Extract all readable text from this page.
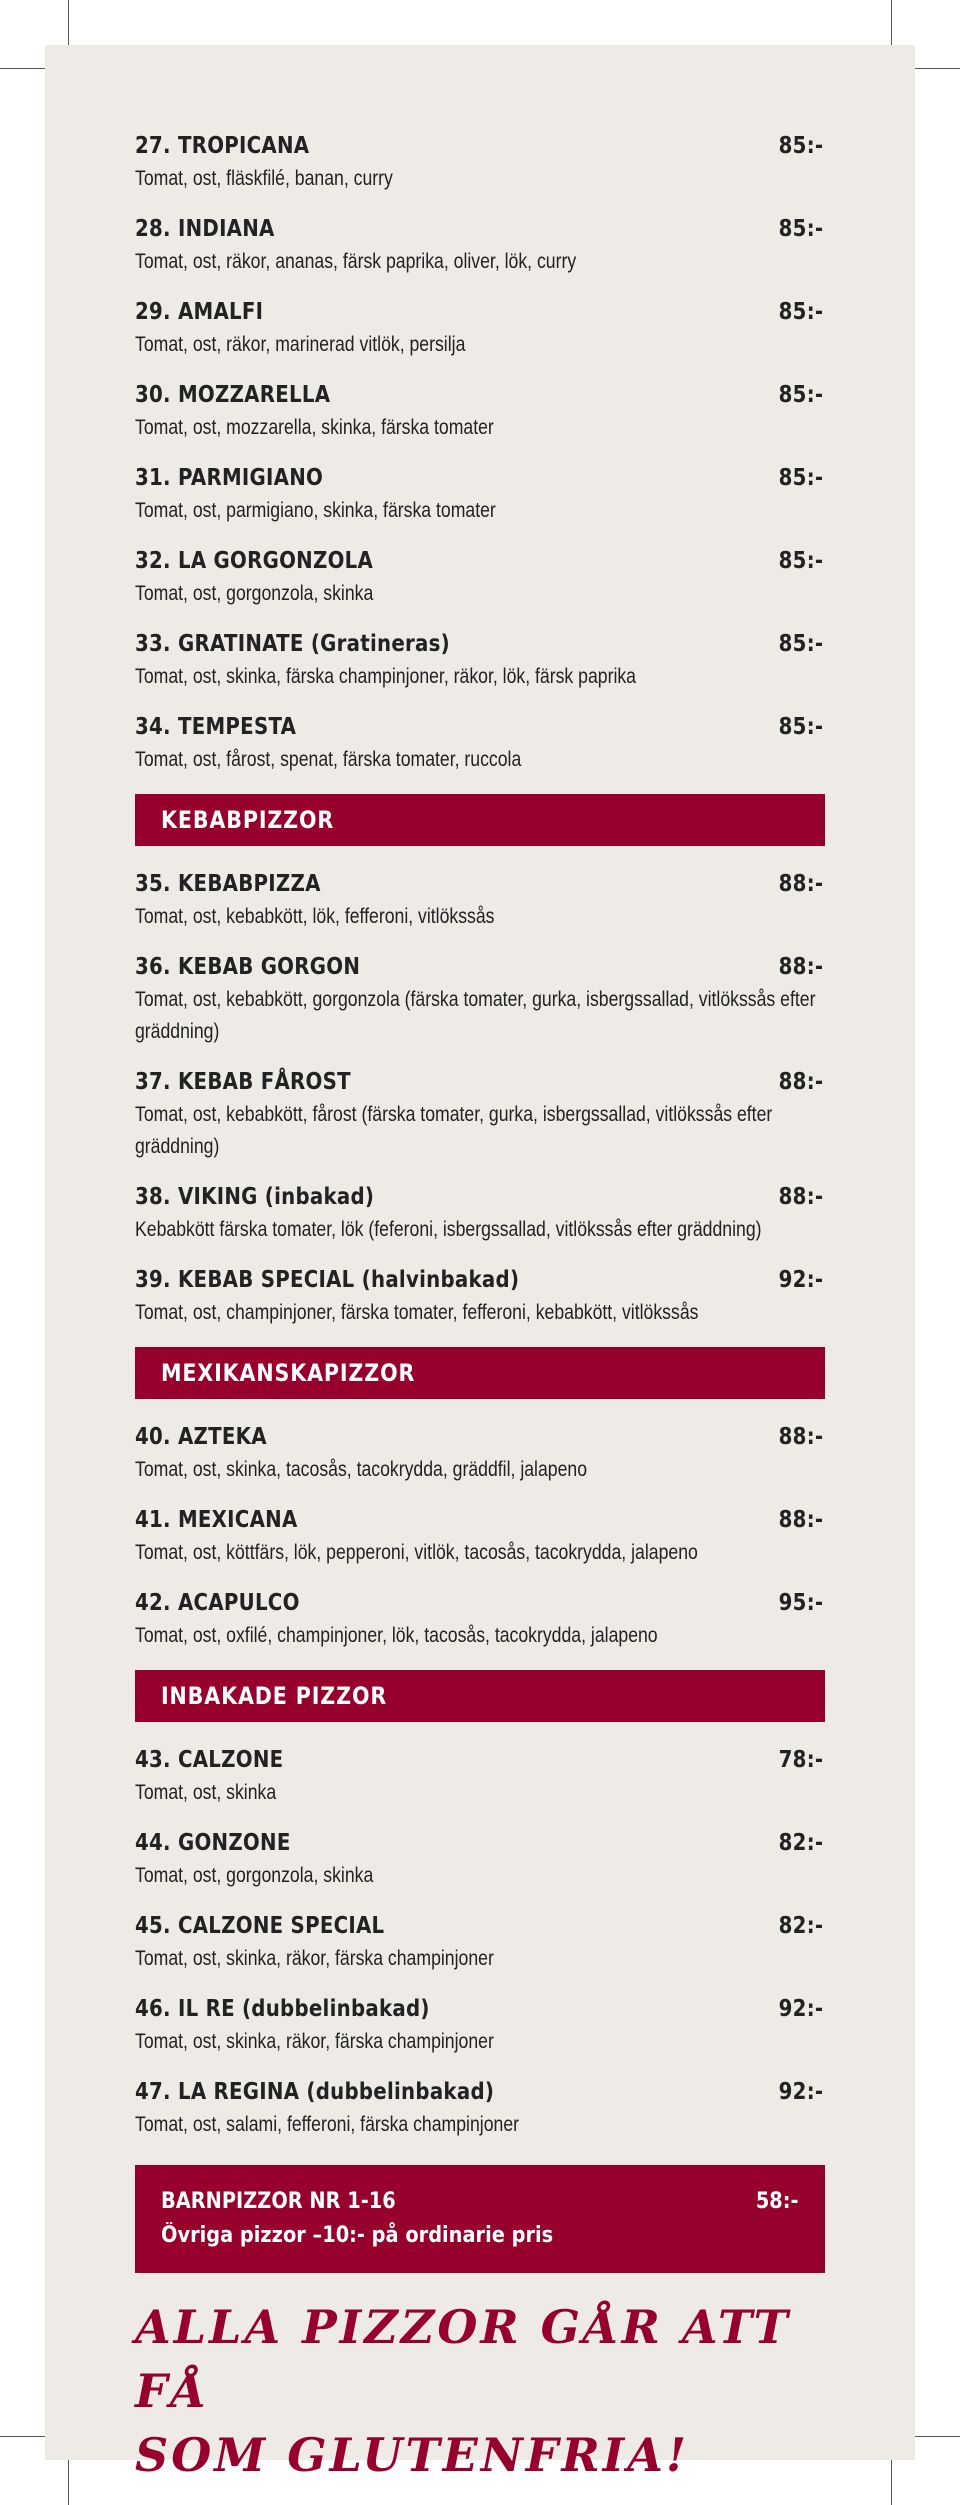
27. TROPICANA	85:-
Tomat, ost, fläskfilé, banan, curry
28. INDIANA	85:-
Tomat, ost, räkor, ananas, färsk paprika, oliver, lök, curry
29. AMALFI	85:-
Tomat, ost, räkor, marinerad vitlök, persilja
30. MOZZARELLA	85:-
Tomat, ost, mozzarella, skinka, färska tomater
31. PARMIGIANO	85:-
Tomat, ost, parmigiano, skinka, färska tomater
32. LA GORGONZOLA	85:-
Tomat, ost, gorgonzola, skinka
33. GRATINATE (Gratineras)	85:-
Tomat, ost, skinka, färska champinjoner, räkor, lök, färsk paprika
34. TEMPESTA	85:-
Tomat, ost, fårost, spenat, färska tomater, ruccola
KEBABPIZZOR
35. KEBABPIZZA	88:-
Tomat, ost, kebabkött, lök, fefferoni, vitlökssås
36. KEBAB GORGON	88:-
Tomat, ost, kebabkött, gorgonzola (färska tomater, gurka, isbergssallad, vitlökssås efter gräddning)
37. KEBAB FÅROST	88:-
Tomat, ost, kebabkött, fårost (färska tomater, gurka, isbergssallad, vitlökssås efter gräddning)
38. VIKING (inbakad)	88:-
Kebabkött färska tomater, lök (feferoni, isbergssallad, vitlökssås efter gräddning)
39. KEBAB SPECIAL (halvinbakad)	92:-
Tomat, ost, champinjoner, färska tomater, fefferoni, kebabkött, vitlökssås
MEXIKANSKAPIZZOR
40. AZTEKA	88:-
Tomat, ost, skinka, tacosås, tacokrydda, gräddfil, jalapeno
41. MEXICANA	88:-
Tomat, ost, köttfärs, lök, pepperoni, vitlök, tacosås, tacokrydda, jalapeno
42. ACAPULCO	95:-
Tomat, ost, oxfilé, champinjoner, lök, tacosås, tacokrydda, jalapeno
INBAKADE PIZZOR
43. CALZONE	78:-
Tomat, ost, skinka
44. GONZONE	82:-
Tomat, ost, gorgonzola, skinka
45. CALZONE SPECIAL	82:-
Tomat, ost, skinka, räkor, färska champinjoner
46. IL RE (dubbelinbakad)	92:-
Tomat, ost, skinka, räkor, färska champinjoner
47. LA REGINA (dubbelinbakad)	92:-
Tomat, ost, salami, fefferoni, färska champinjoner
BARNPIZZOR NR 1-16	58:-
Övriga pizzor –10:- på ordinarie pris
ALLA PIZZOR GÅR ATT FÅ
SOM GLUTENFRIA!
